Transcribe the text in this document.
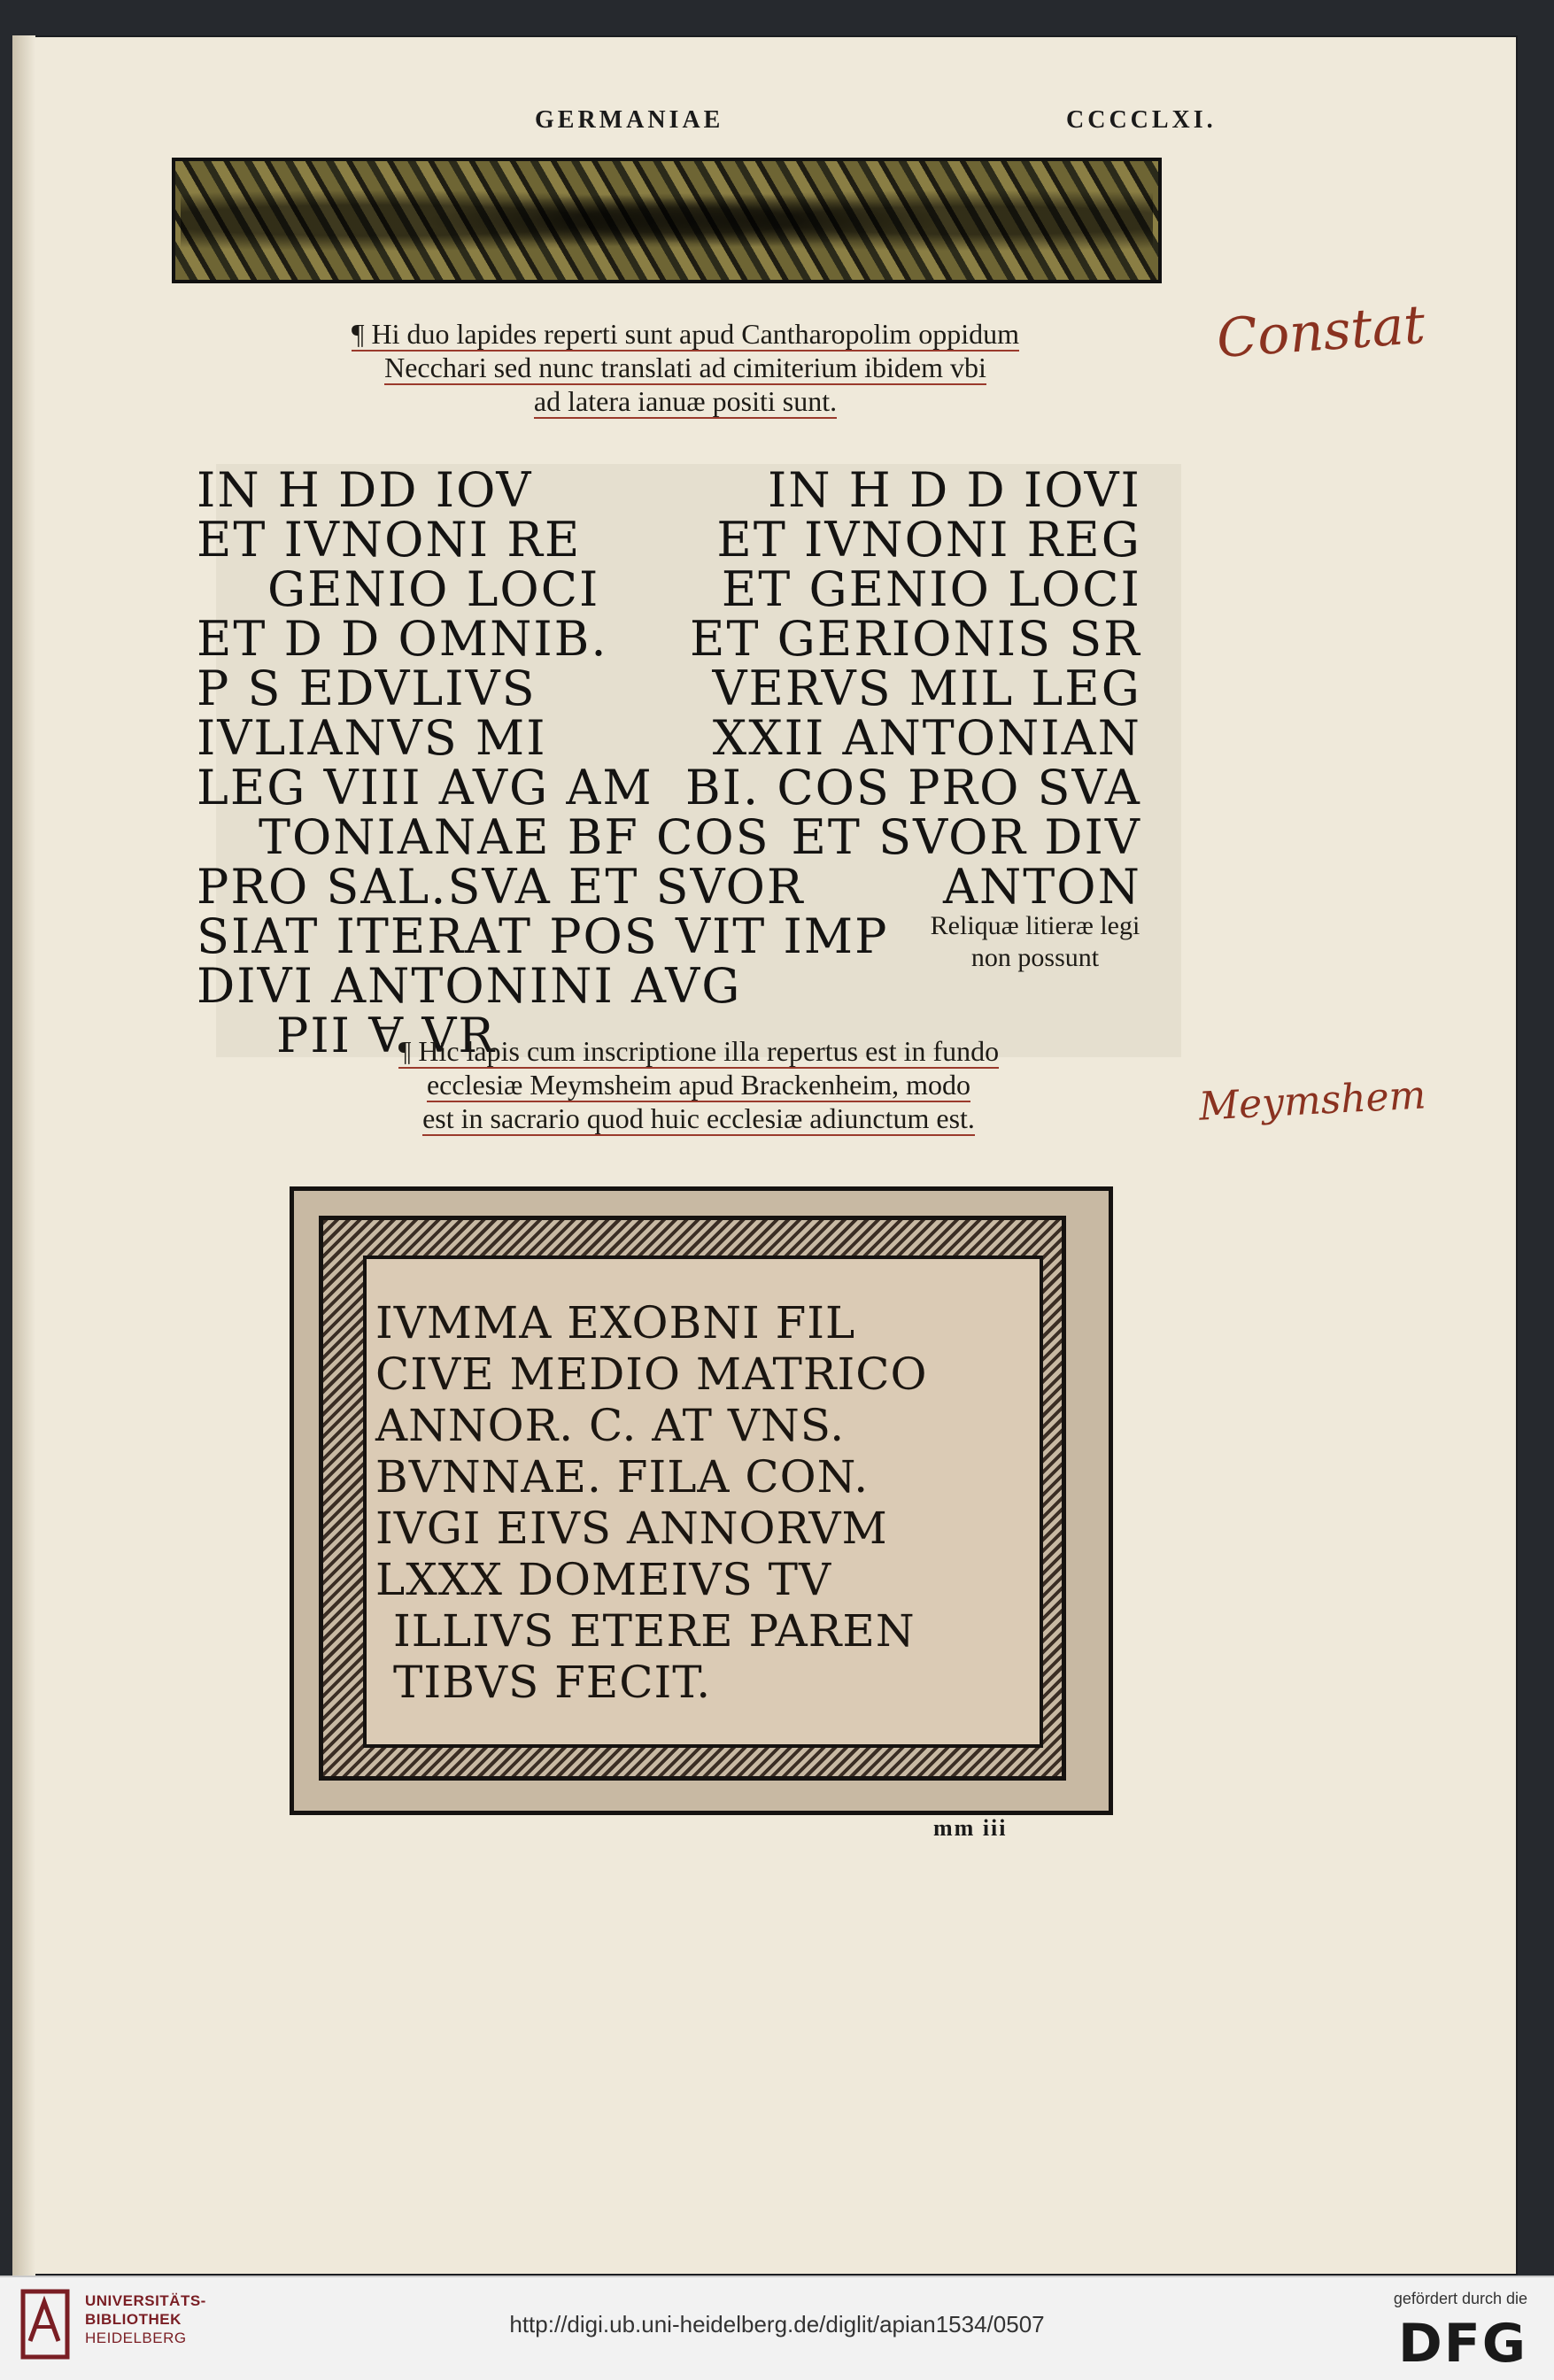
GERMANIAE	CCCCLXI.
¶ Hi duo lapides reperti sunt apud Cantharopolim oppidum
Necchari sed nunc translati ad cimiterium ibidem vbi
ad latera ianuæ positi sunt.
IN H DD IOV
ET IVNONI RE
GENIO LOCI
ET D D OMNIB.
P S EDVLIVS
IVLIANVS MI
LEG VIII AVG AM
TONIANAE BF COS
PRO SAL.SVA ET SVOR
SIAT ITERAT POS VIT IMP
DIVI ANTONINI AVG
PII Ɐ VR
IN H D D IOVI
ET IVNONI REG
ET GENIO LOCI
ET GERIONIS SR
VERVS MIL LEG
XXII ANTONIAN
BI. COS PRO SVA
ET SVOR DIV
ANTON
Reliquæ litieræ legi
non possunt
¶ Hic lapis cum inscriptione illa repertus est in fundo
ecclesiæ Meymsheim apud Brackenheim, modo
est in sacrario quod huic ecclesiæ adiunctum est.
IVMMA EXOBNI FIL
CIVE MEDIO MATRICO
ANNOR. C. AT VNS.
BVNNAE. FILA CON.
IVGI EIVS ANNORVM
LXXX DOMEIVS TV
ILLIVS ETERE PAREN
TIBVS FECIT.
mm iii
Constat
Meymshem
UNIVERSITÄTS-
BIBLIOTHEK
HEIDELBERG
http://digi.ub.uni-heidelberg.de/diglit/apian1534/0507
gefördert durch die
DFG
